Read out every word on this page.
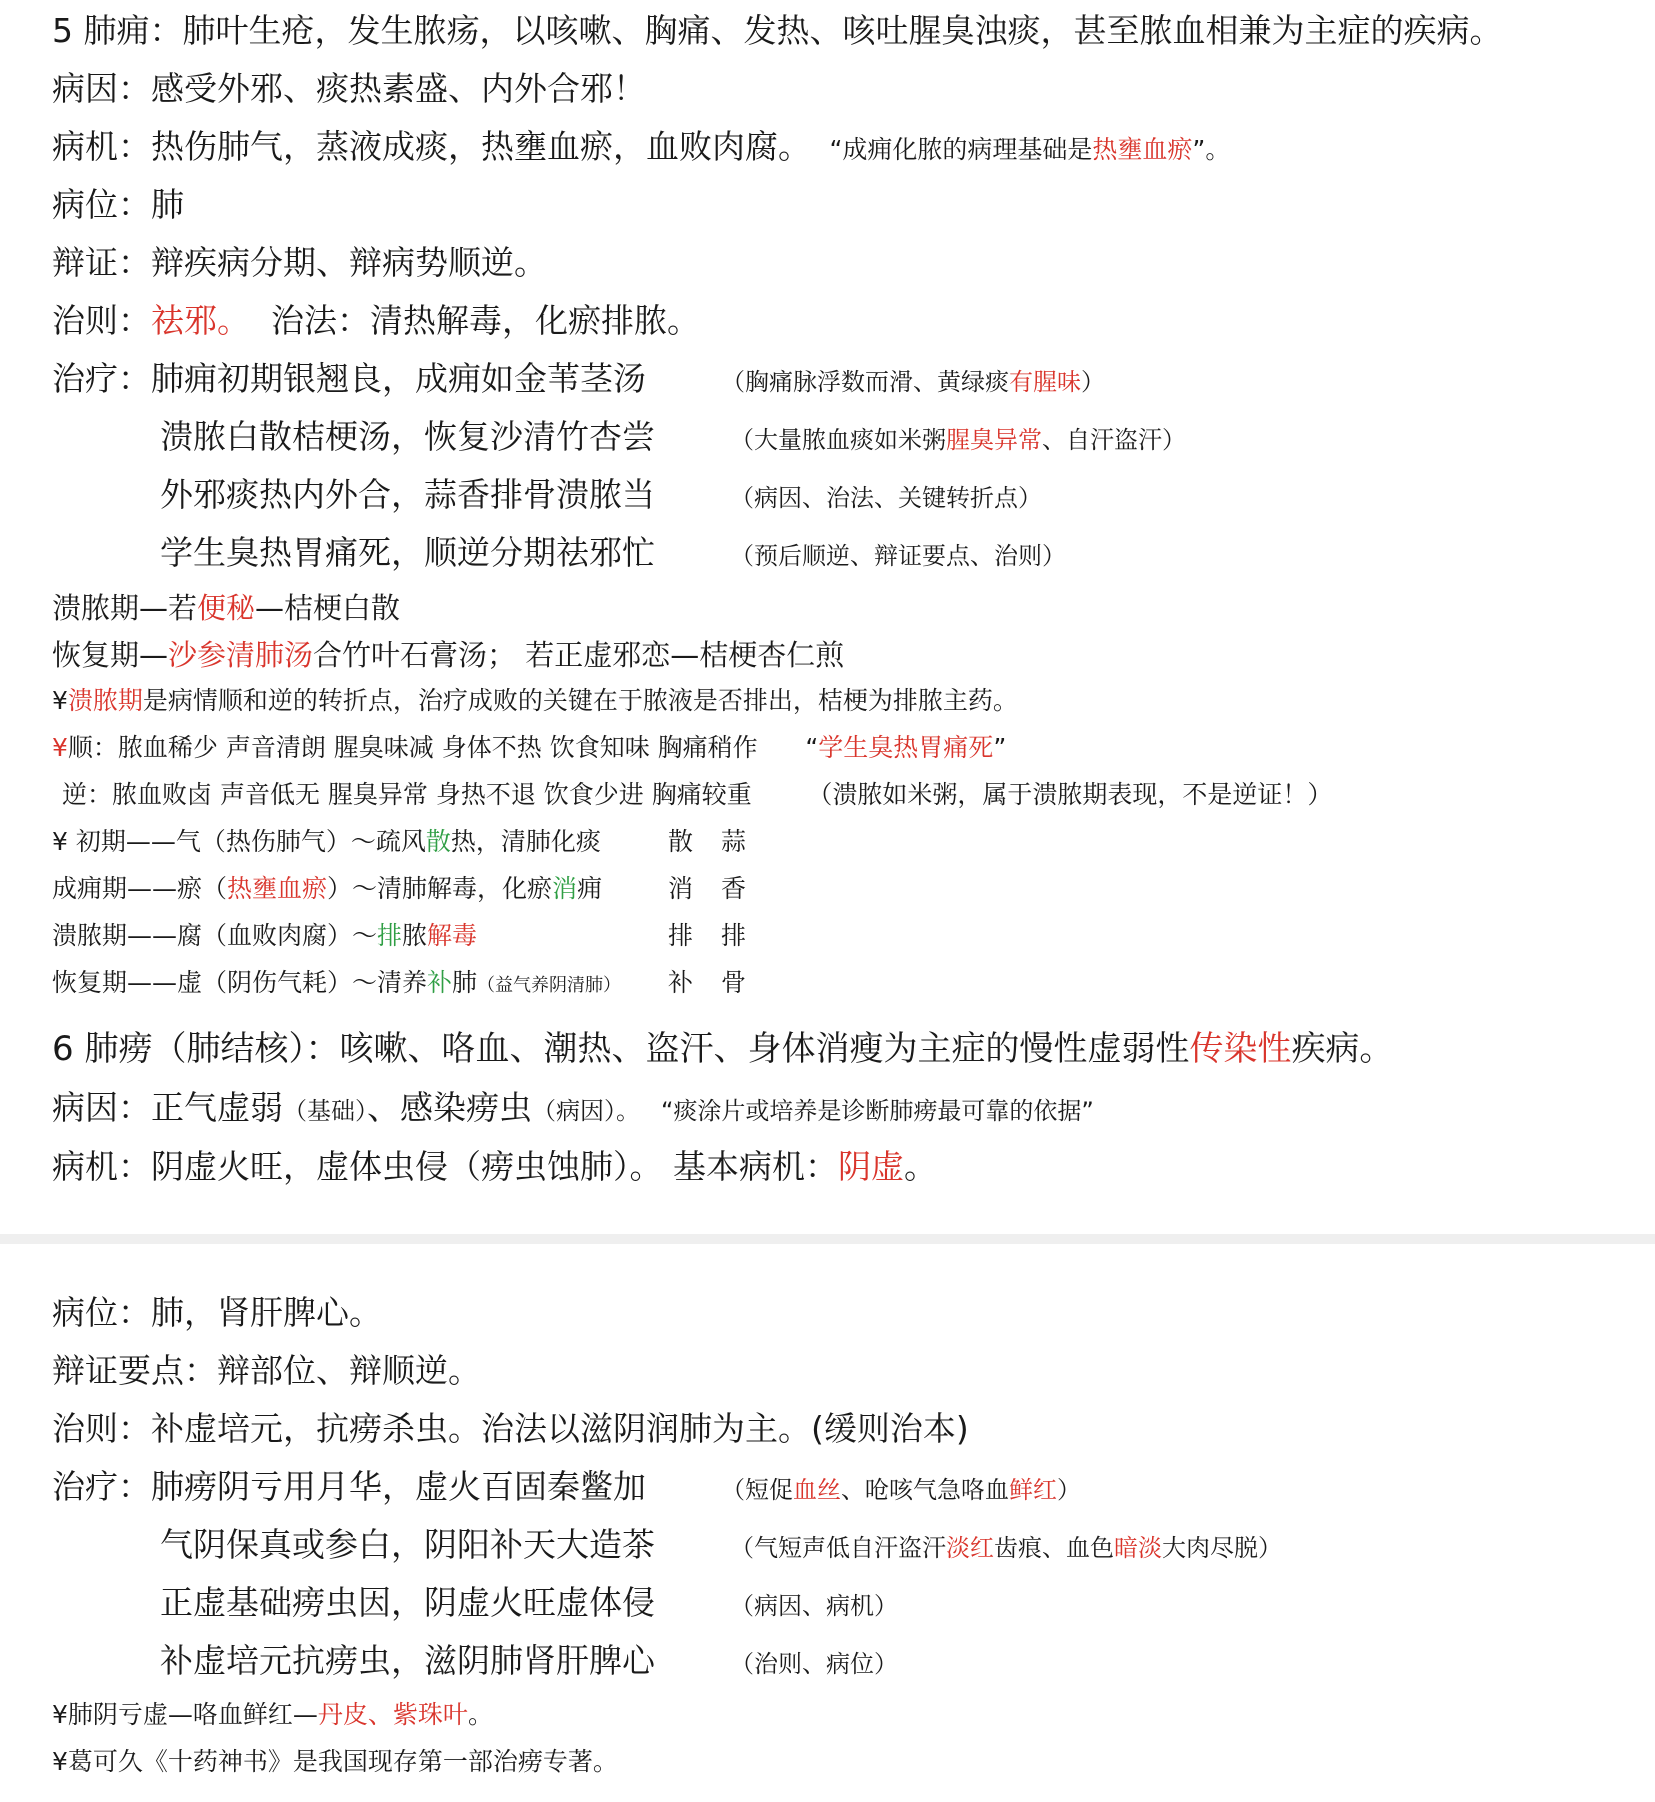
5 肺痈：肺叶生疮，发生脓疡，以咳嗽、胸痛、发热、咳吐腥臭浊痰，甚至脓血相兼为主症的疾病。
病因：感受外邪、痰热素盛、内外合邪！
病机：热伤肺气，蒸液成痰，热壅血瘀，血败肉腐。 “成痈化脓的病理基础是热壅血瘀”。
病位：肺
辩证：辩疾病分期、辩病势顺逆。
治则：祛邪。 治法：清热解毒，化瘀排脓。
治疗：肺痈初期银翘良，成痈如金苇茎汤	（胸痛脉浮数而滑、黄绿痰有腥味）
溃脓白散桔梗汤，恢复沙清竹杏尝	（大量脓血痰如米粥腥臭异常、自汗盗汗）
外邪痰热内外合，蒜香排骨溃脓当	（病因、治法、关键转折点）
学生臭热胃痛死，顺逆分期祛邪忙	（预后顺逆、辩证要点、治则）
溃脓期—若便秘—桔梗白散
恢复期—沙参清肺汤合竹叶石膏汤； 若正虚邪恋—桔梗杏仁煎
¥溃脓期是病情顺和逆的转折点，治疗成败的关键在于脓液是否排出，桔梗为排脓主药。
¥顺：脓血稀少 声音清朗 腥臭味减 身体不热 饮食知味 胸痛稍作 “学生臭热胃痛死”
逆：脓血败卤 声音低无 腥臭异常 身热不退 饮食少进 胸痛较重 （溃脓如米粥，属于溃脓期表现，不是逆证！）
¥ 初期——气（热伤肺气）～疏风散热，清肺化痰	散 蒜
成痈期——瘀（热壅血瘀）～清肺解毒，化瘀消痈	消 香
溃脓期——腐（血败肉腐）～排脓解毒	排 排
恢复期——虚（阴伤气耗）～清养补肺（益气养阴清肺） 补 骨
6 肺痨（肺结核）：咳嗽、咯血、潮热、盗汗、身体消瘦为主症的慢性虚弱性传染性疾病。
病因：正气虚弱（基础）、感染痨虫（病因）。 “痰涂片或培养是诊断肺痨最可靠的依据”
病机：阴虚火旺，虚体虫侵（痨虫蚀肺）。 基本病机：阴虚。
病位：肺，肾肝脾心。
辩证要点：辩部位、辩顺逆。
治则：补虚培元，抗痨杀虫。治法以滋阴润肺为主。(缓则治本)
治疗：肺痨阴亏用月华，虚火百固秦鳖加	（短促血丝、呛咳气急咯血鲜红）
气阴保真或参白，阴阳补天大造茶	（气短声低自汗盗汗淡红齿痕、血色暗淡大肉尽脱）
正虚基础痨虫因，阴虚火旺虚体侵	（病因、病机）
补虚培元抗痨虫，滋阴肺肾肝脾心	（治则、病位）
¥肺阴亏虚—咯血鲜红—丹皮、紫珠叶。
¥葛可久《十药神书》是我国现存第一部治痨专著。
